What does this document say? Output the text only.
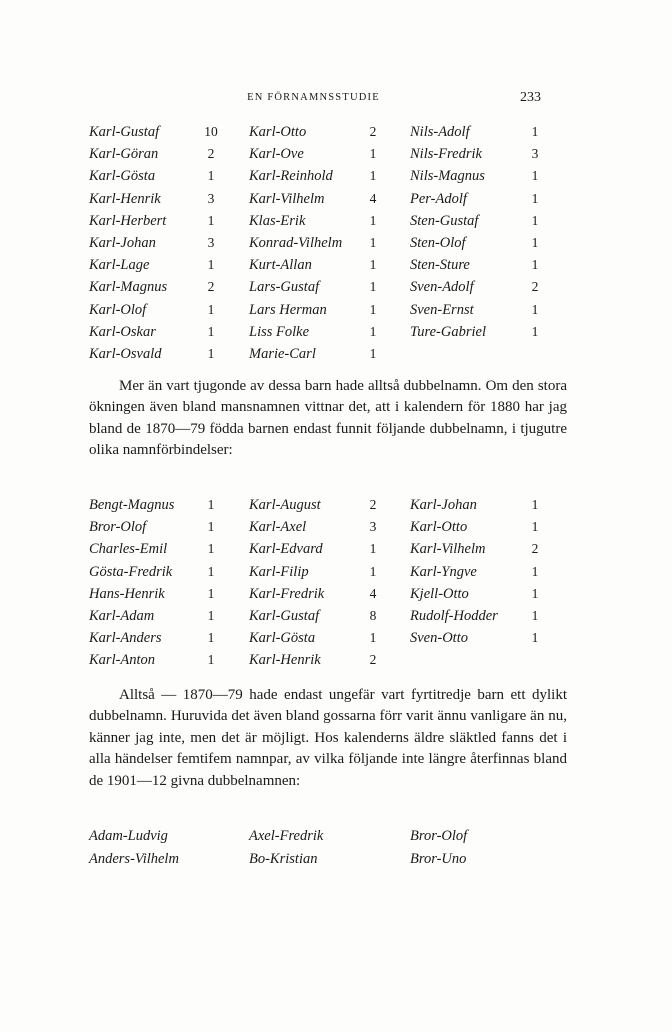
EN FÖRNAMNSSTUDIE	233
Karl-Gustaf	10 Karl-Otto	2	Nils-Adolf	1
Karl-Göran	2	Karl-Ove	1	Nils-Fredrik	3
Karl-Gösta	1	Karl-Reinhold	1	Nils-Magnus	1
Karl-Henrik	3	Karl-Vilhelm	4	Per-Adolf	1
Karl-Herbert	1	Klas-Erik	1	Sten-Gustaf	1
Karl-Johan	3	Konrad-Vilhelm	1	Sten-Olof	1
Karl-Lage	1	Kurt-Allan	1	Sten-Sture	1
Karl-Magnus	2	Lars-Gustaf	1	Sven-Adolf	2
Karl-Olof	1	Lars Herman	1	Sven-Ernst	1
Karl-Oskar	1	Liss Folke	1	Ture-Gabriel	1
Karl-Osvald	1	Marie-Carl	1
Mer än vart tjugonde av dessa barn hade alltså dubbelnamn. Om den stora ökningen även bland mansnamnen vittnar det, att i kalendern för 1880 har jag bland de 1870—79 födda barnen endast funnit följande dubbelnamn, i tjugutre olika namnförbindelser:
Bengt-Magnus	1	Karl-August	2	Karl-Johan	1
Bror-Olof	1	Karl-Axel	3	Karl-Otto	1
Charles-Emil	1	Karl-Edvard	1	Karl-Vilhelm	2
Gösta-Fredrik	1	Karl-Filip	1	Karl-Yngve	1
Hans-Henrik	1	Karl-Fredrik	4	Kjell-Otto	1
Karl-Adam	1	Karl-Gustaf	8	Rudolf-Hodder	1
Karl-Anders	1	Karl-Gösta	1	Sven-Otto	1
Karl-Anton	1	Karl-Henrik	2
Alltså — 1870—79 hade endast ungefär vart fyrtitredje barn ett dylikt dubbelnamn. Huruvida det även bland gossarna förr varit ännu vanligare än nu, känner jag inte, men det är möjligt. Hos kalenderns äldre släktled fanns det i alla händelser femtifem namnpar, av vilka följande inte längre återfinnas bland de 1901—12 givna dubbelnamnen:
Adam-Ludvig	Axel-Fredrik	Bror-Olof
Anders-Vilhelm	Bo-Kristian	Bror-Uno
